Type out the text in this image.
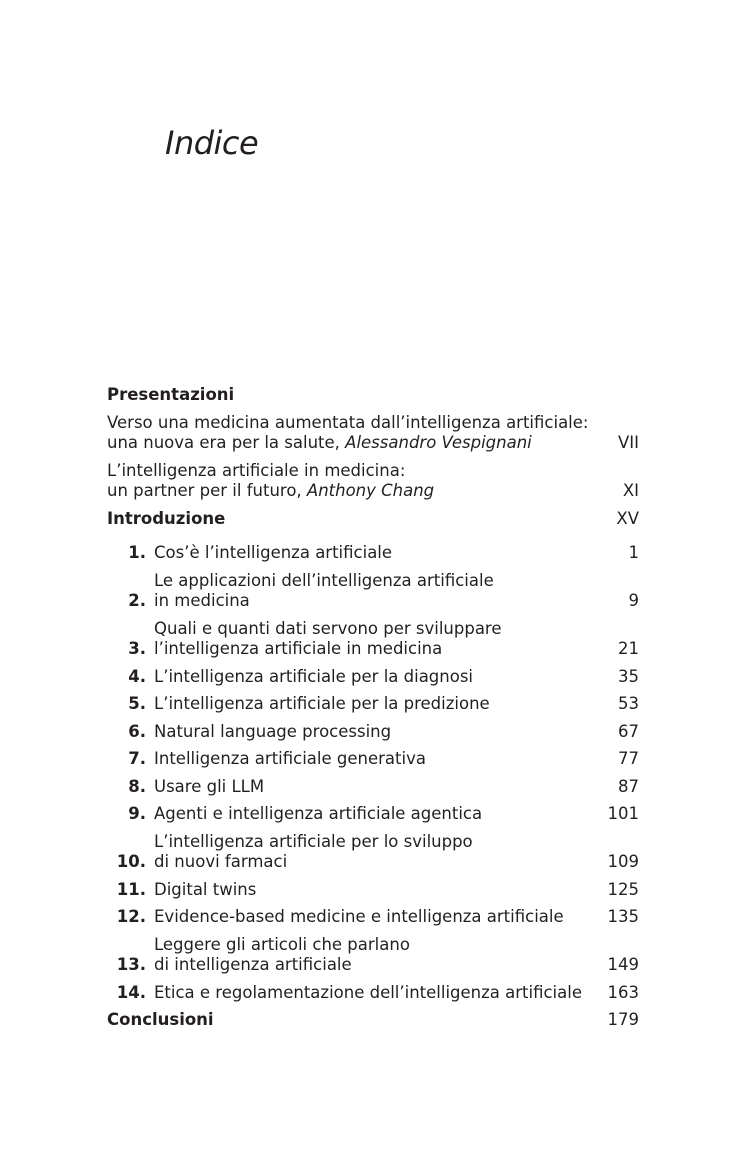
Indice
Presentazioni
Verso una medicina aumentata dall’intelligenza artificiale:
una nuova era per la salute, Alessandro Vespignani	VII
L’intelligenza artificiale in medicina:
un partner per il futuro, Anthony Chang	XI
Introduzione	XV
1. Cos’è l’intelligenza artificiale	1
2.
Le applicazioni dell’intelligenza artificiale
in medicina	9
3.
Quali e quanti dati servono per sviluppare
l’intelligenza artificiale in medicina	21
4. L’intelligenza artificiale per la diagnosi	35
5. L’intelligenza artificiale per la predizione	53
6. Natural language processing	67
7. Intelligenza artificiale generativa	77
8. Usare gli LLM	87
9. Agenti e intelligenza artificiale agentica	101
10.
L’intelligenza artificiale per lo sviluppo
di nuovi farmaci	109
11. Digital twins	125
12. Evidence-based medicine e intelligenza artificiale	135
13.
Leggere gli articoli che parlano
di intelligenza artificiale	149
14. Etica e regolamentazione dell’intelligenza artificiale	163
Conclusioni	179
